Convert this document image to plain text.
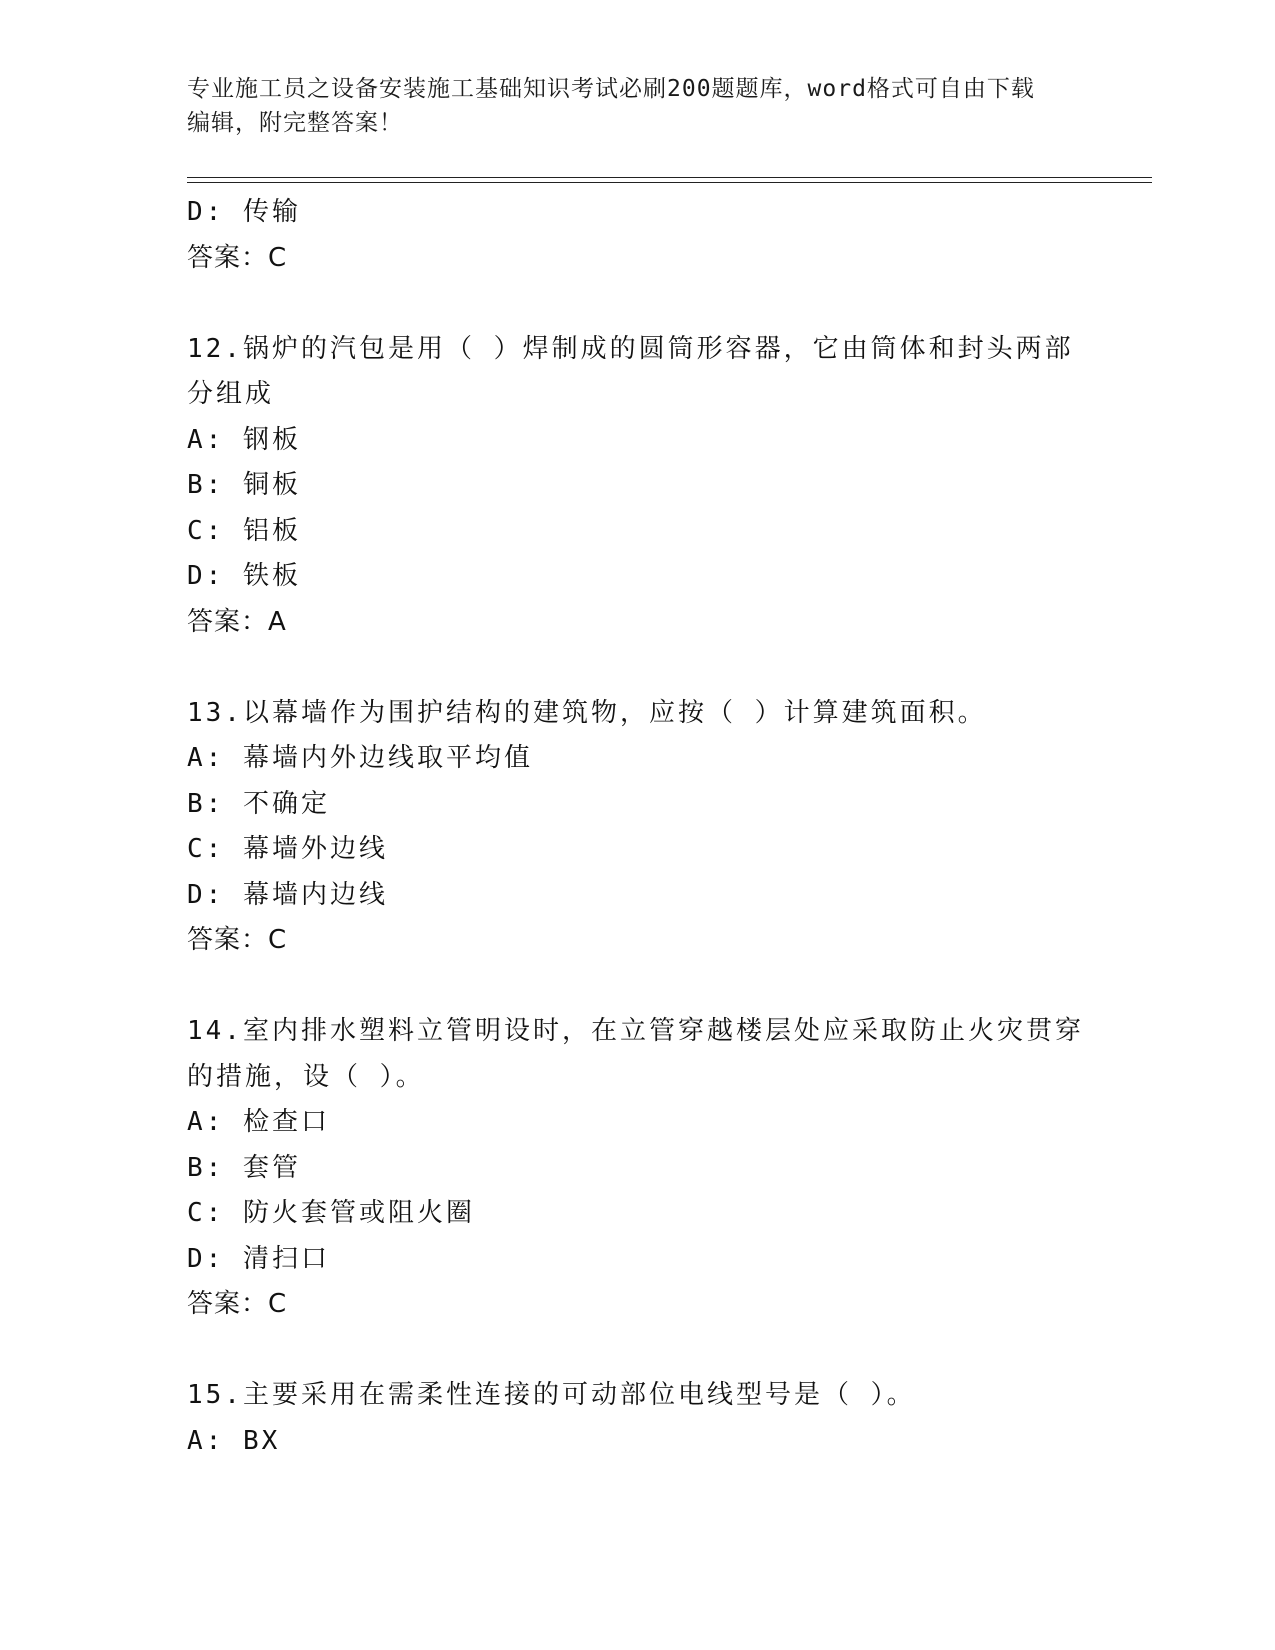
专业施工员之设备安装施工基础知识考试必刷200题题库，word格式可自由下载
编辑，附完整答案！
D: 传输
答案：C
12.锅炉的汽包是用（ ）焊制成的圆筒形容器，它由筒体和封头两部
分组成
A: 钢板
B: 铜板
C: 铝板
D: 铁板
答案：A
13.以幕墙作为围护结构的建筑物，应按（ ）计算建筑面积。
A: 幕墙内外边线取平均值
B: 不确定
C: 幕墙外边线
D: 幕墙内边线
答案：C
14.室内排水塑料立管明设时，在立管穿越楼层处应采取防止火灾贯穿
的措施，设（ ）。
A: 检查口
B: 套管
C: 防火套管或阻火圈
D: 清扫口
答案：C
15.主要采用在需柔性连接的可动部位电线型号是（ ）。
A: BX
